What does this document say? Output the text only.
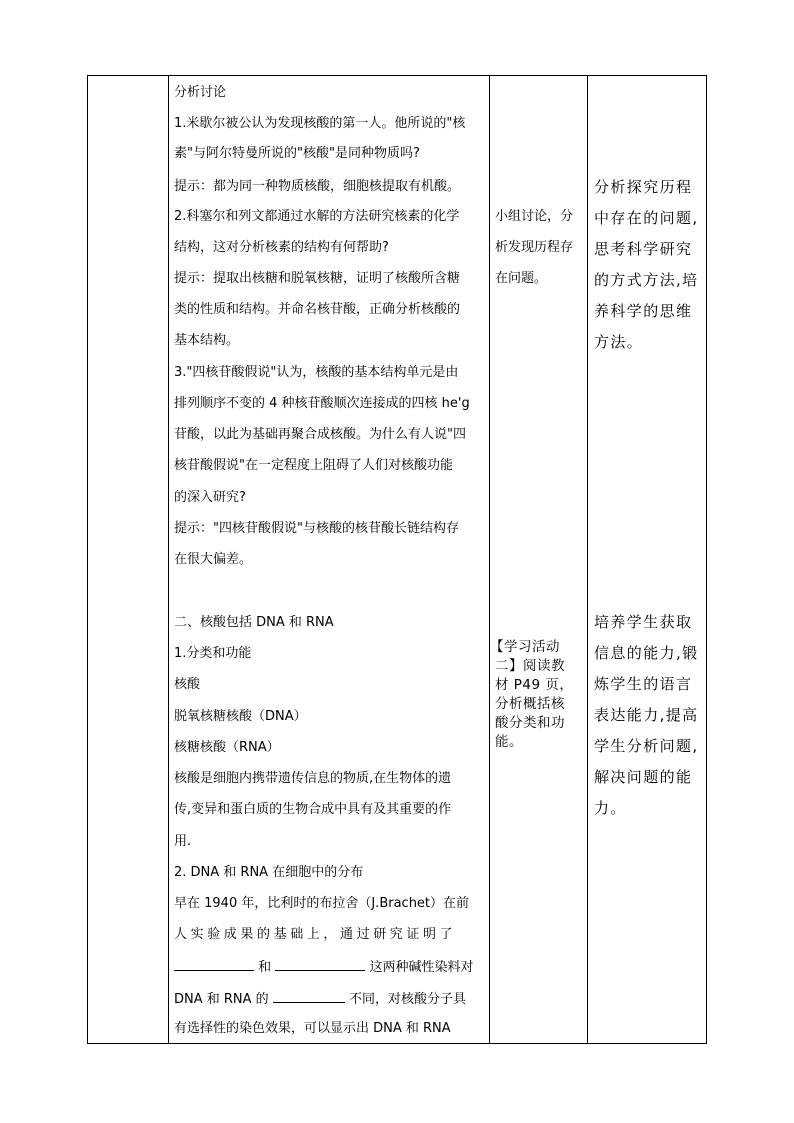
分析讨论
1.米歇尔被公认为发现核酸的第一人。他所说的"核
素"与阿尔特曼所说的"核酸"是同种物质吗?
提示：都为同一种物质核酸，细胞核提取有机酸。
2.科塞尔和列文都通过水解的方法研究核素的化学
结构，这对分析核素的结构有何帮助?
提示：提取出核糖和脱氧核糖，证明了核酸所含糖
类的性质和结构。并命名核苷酸，正确分析核酸的
基本结构。
3."四核苷酸假说"认为，核酸的基本结构单元是由
排列顺序不变的 4 种核苷酸顺次连接成的四核 he'g
苷酸，以此为基础再聚合成核酸。为什么有人说"四
核苷酸假说"在一定程度上阻碍了人们对核酸功能
的深入研究?
提示："四核苷酸假说"与核酸的核苷酸长链结构存
在很大偏差。
二、核酸包括 DNA 和 RNA
1.分类和功能
核酸
脱氧核糖核酸（DNA）
核糖核酸（RNA）
核酸是细胞内携带遗传信息的物质,在生物体的遗
传,变异和蛋白质的生物合成中具有及其重要的作
用.
2. DNA 和 RNA 在细胞中的分布
早在 1940 年，比利时的布拉舍（J.Brachet）在前
人实验成果的基础上，通过研究证明了
和	这两种碱性染料对
DNA 和 RNA 的	不同，对核酸分子具
有选择性的染色效果，可以显示出 DNA 和 RNA
小组讨论，分
析发现历程存
在问题。
【学习活动
二】阅读教
材 P49 页，
分析概括核
酸分类和功
能。
分析探究历程
中存在的问题,
思考科学研究
的方式方法,培
养科学的思维
方法。
培养学生获取
信息的能力,锻
炼学生的语言
表达能力,提高
学生分析问题,
解决问题的能
力。
